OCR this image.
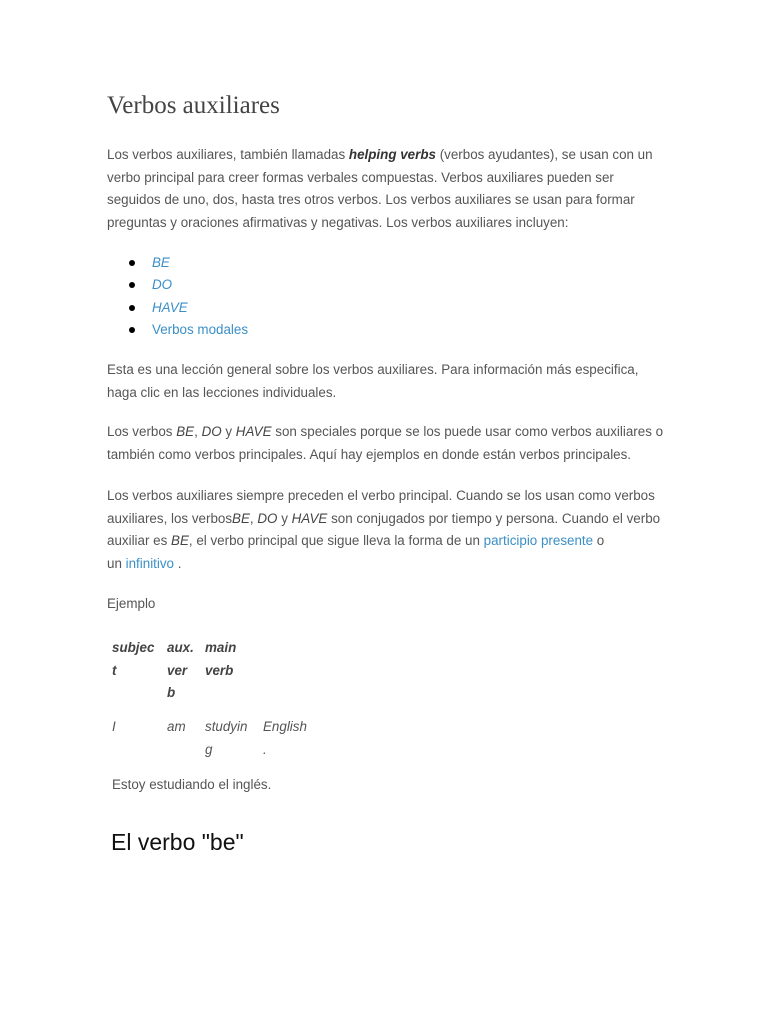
Verbos auxiliares

Los verbos auxiliares, también llamadas helping verbs (verbos ayudantes), se usan con un
verbo principal para creer formas verbales compuestas. Verbos auxiliares pueden ser
seguidos de uno, dos, hasta tres otros verbos. Los verbos auxiliares se usan para formar
preguntas y oraciones afirmativas y negativas. Los verbos auxiliares incluyen:

BE
DO
HAVE
Verbos modales

Esta es una lección general sobre los verbos auxiliares. Para información más especifica,
haga clic en las lecciones individuales.

Los verbos BE, DO y HAVE son speciales porque se los puede usar como verbos auxiliares o
también como verbos principales. Aquí hay ejemplos en donde están verbos principales.

Los verbos auxiliares siempre preceden el verbo principal. Cuando se los usan como verbos
auxiliares, los verbosBE, DO y HAVE son conjugados por tiempo y persona. Cuando el verbo
auxiliar es BE, el verbo principal que sigue lleva la forma de un participio presente o
un infinitivo .

Ejemplo

subjec
t
aux.
ver
b
main
verb
I	am studyin
g
English
.
Estoy estudiando el inglés.
El verbo "be"
